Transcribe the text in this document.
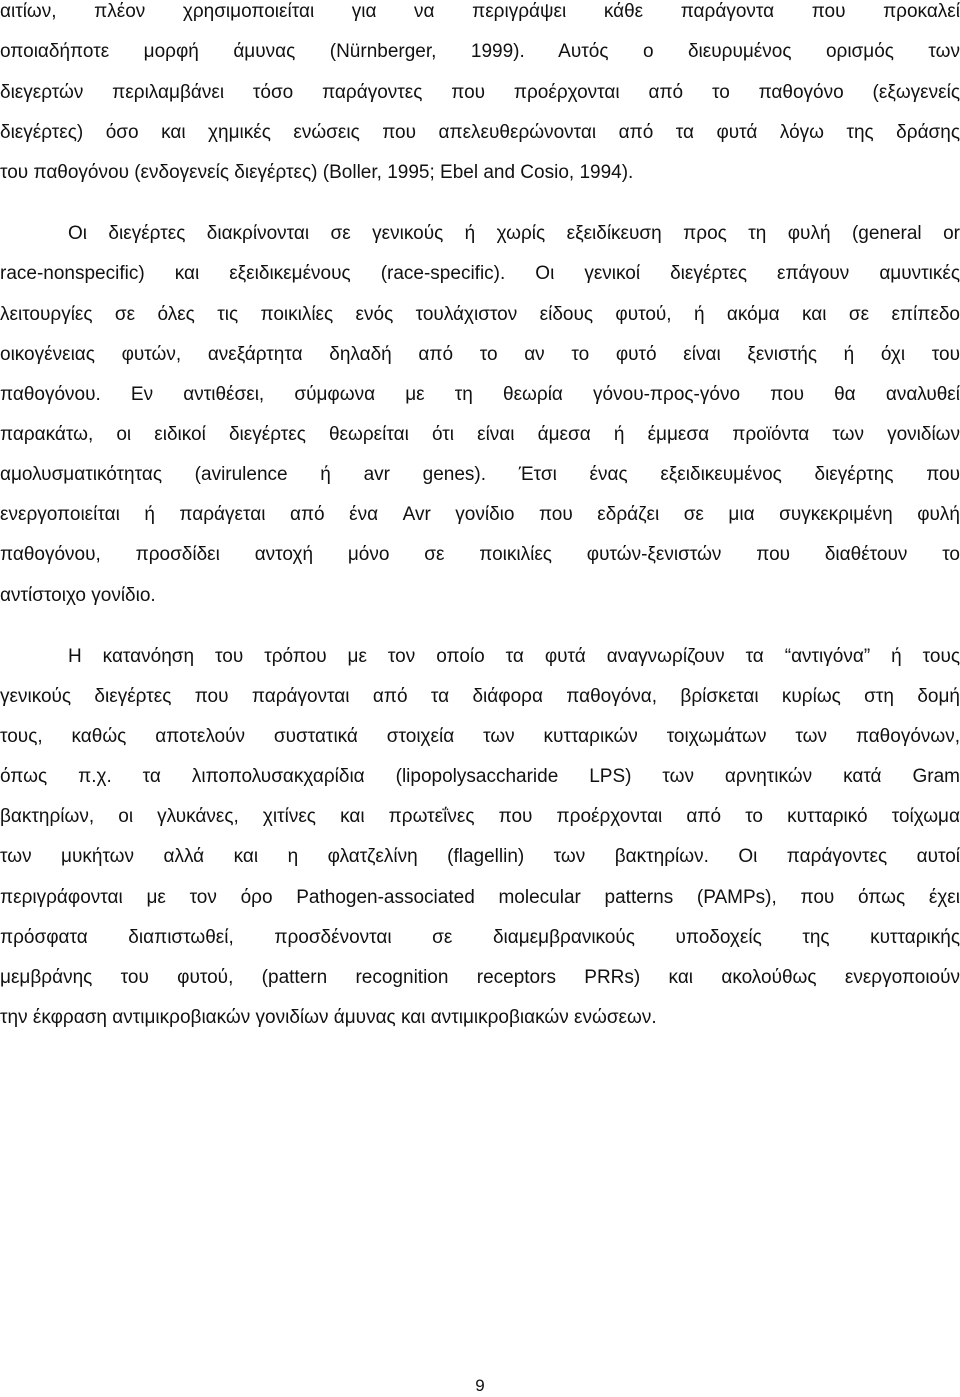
αιτίων, πλέον χρησιμοποιείται για να περιγράψει κάθε παράγοντα που προκαλεί
οποιαδήποτε μορφή άμυνας (Nürnberger, 1999). Αυτός ο διευρυμένος ορισμός των
διεγερτών περιλαμβάνει τόσο παράγοντες που προέρχονται από το παθογόνο (εξωγενείς
διεγέρτες) όσο και χημικές ενώσεις που απελευθερώνονται από τα φυτά λόγω της δράσης
του παθογόνου (ενδογενείς διεγέρτες) (Boller, 1995; Ebel and Cosio, 1994).
Οι διεγέρτες διακρίνονται σε γενικούς ή χωρίς εξειδίκευση προς τη φυλή (general or
race-nonspecific) και εξειδικεμένους (race-specific). Οι γενικοί διεγέρτες επάγουν αμυντικές
λειτουργίες σε όλες τις ποικιλίες ενός τουλάχιστον είδους φυτού, ή ακόμα και σε επίπεδο
οικογένειας φυτών, ανεξάρτητα δηλαδή από το αν το φυτό είναι ξενιστής ή όχι του
παθογόνου. Εν αντιθέσει, σύμφωνα με τη θεωρία γόνου-προς-γόνο που θα αναλυθεί
παρακάτω, οι ειδικοί διεγέρτες θεωρείται ότι είναι άμεσα ή έμμεσα προϊόντα των γονιδίων
αμολυσματικότητας (avirulence ή avr genes). Έτσι ένας εξειδικευμένος διεγέρτης που
ενεργοποιείται ή παράγεται από ένα Avr γονίδιο που εδράζει σε μια συγκεκριμένη φυλή
παθογόνου, προσδίδει αντοχή μόνο σε ποικιλίες φυτών-ξενιστών που διαθέτουν το
αντίστοιχο γονίδιο.
Η κατανόηση του τρόπου με τον οποίο τα φυτά αναγνωρίζουν τα “αντιγόνα” ή τους
γενικούς διεγέρτες που παράγονται από τα διάφορα παθογόνα, βρίσκεται κυρίως στη δομή
τους, καθώς αποτελούν συστατικά στοιχεία των κυτταρικών τοιχωμάτων των παθογόνων,
όπως π.χ. τα λιποπολυσακχαρίδια (lipopolysaccharide LPS) των αρνητικών κατά Gram
βακτηρίων, οι γλυκάνες, χιτίνες και πρωτεΐνες που προέρχονται από το κυτταρικό τοίχωμα
των μυκήτων αλλά και η φλατζελίνη (flagellin) των βακτηρίων. Οι παράγοντες αυτοί
περιγράφονται με τον όρο Pathogen-associated molecular patterns (PAMPs), που όπως έχει
πρόσφατα διαπιστωθεί, προσδένονται σε διαμεμβρανικούς υποδοχείς της κυτταρικής
μεμβράνης του φυτού, (pattern recognition receptors PRRs) και ακολούθως ενεργοποιούν
την έκφραση αντιμικροβιακών γονιδίων άμυνας και αντιμικροβιακών ενώσεων.
9
